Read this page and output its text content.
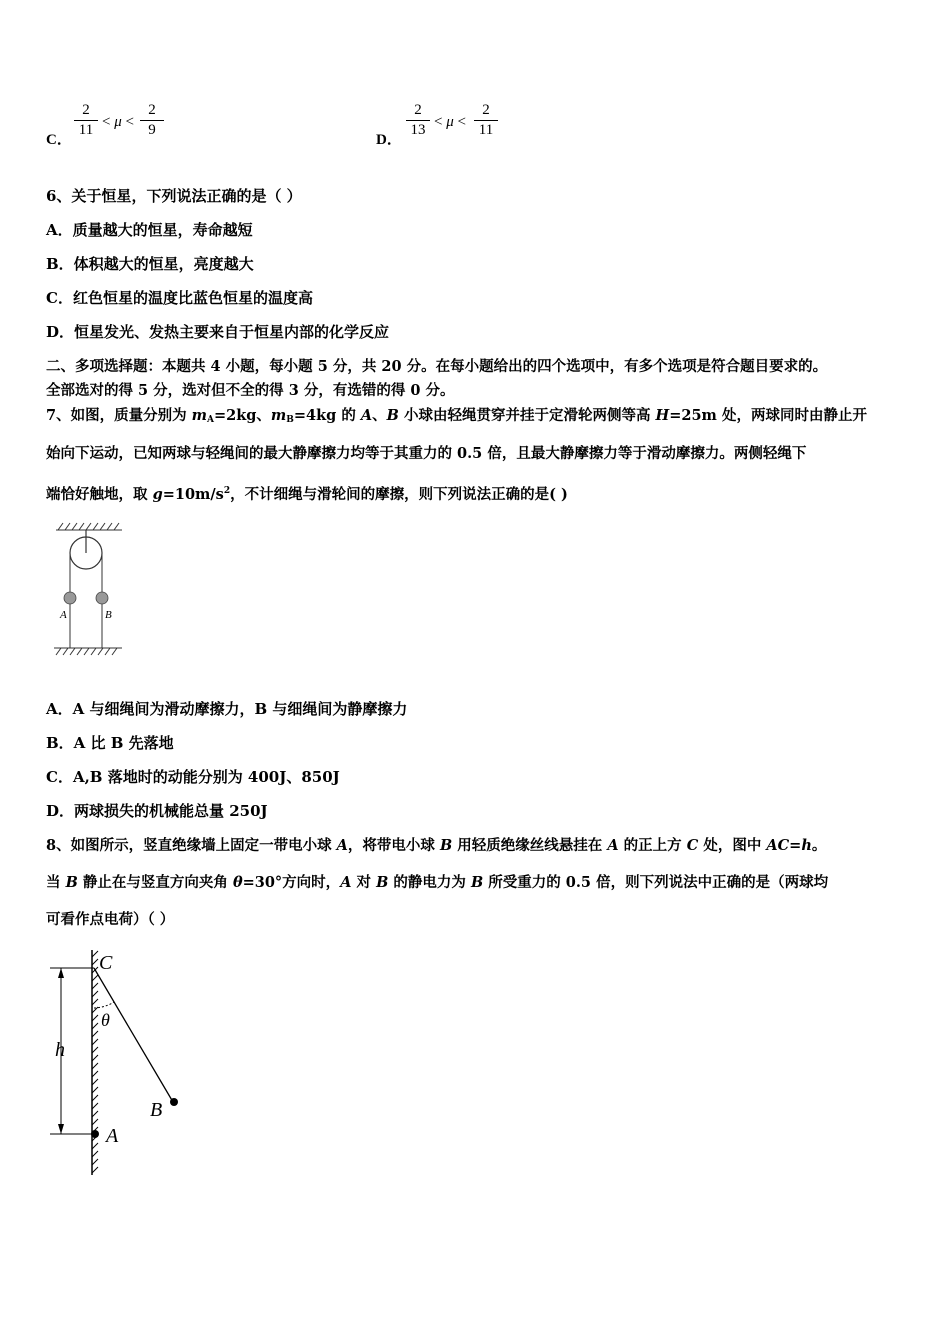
C．
2
11 < μ <
2
9
D．
2
13 < μ <
2
11
6、关于恒星，下列说法正确的是（ ）
A．质量越大的恒星，寿命越短
B．体积越大的恒星，亮度越大
C．红色恒星的温度比蓝色恒星的温度高
D．恒星发光、发热主要来自于恒星内部的化学反应
二、多项选择题：本题共 4 小题，每小题 5 分，共 20 分。在每小题给出的四个选项中，有多个选项是符合题目要求的。
全部选对的得 5 分，选对但不全的得 3 分，有选错的得 0 分。
7、如图，质量分别为 $m_A=2kg$、$m_B=4kg$ 的 A、B 小球由轻绳贯穿并挂于定滑轮两侧等高 H=25m 处，两球同时由静止开
始向下运动，已知两球与轻绳间的最大静摩擦力均等于其重力的 0.5 倍，且最大静摩擦力等于滑动摩擦力。两侧轻绳下
端恰好触地，取 $g=10m/s^2$，不计细绳与滑轮间的摩擦，则下列说法正确的是( )
A	B
A．A 与细绳间为滑动摩擦力，B 与细绳间为静摩擦力
B．A 比 B 先落地
C．A,B 落地时的动能分别为 400J、850J
D．两球损失的机械能总量 250J
8、如图所示，竖直绝缘墙上固定一带电小球 A，将带电小球 B 用轻质绝缘丝线悬挂在 A 的正上方 C 处，图中 AC=h。
当 B 静止在与竖直方向夹角 θ=30°方向时，A 对 B 的静电力为 B 所受重力的 0.5 倍，则下列说法中正确的是（两球均
可看作点电荷）（ ）
C
θ
h
B
A
